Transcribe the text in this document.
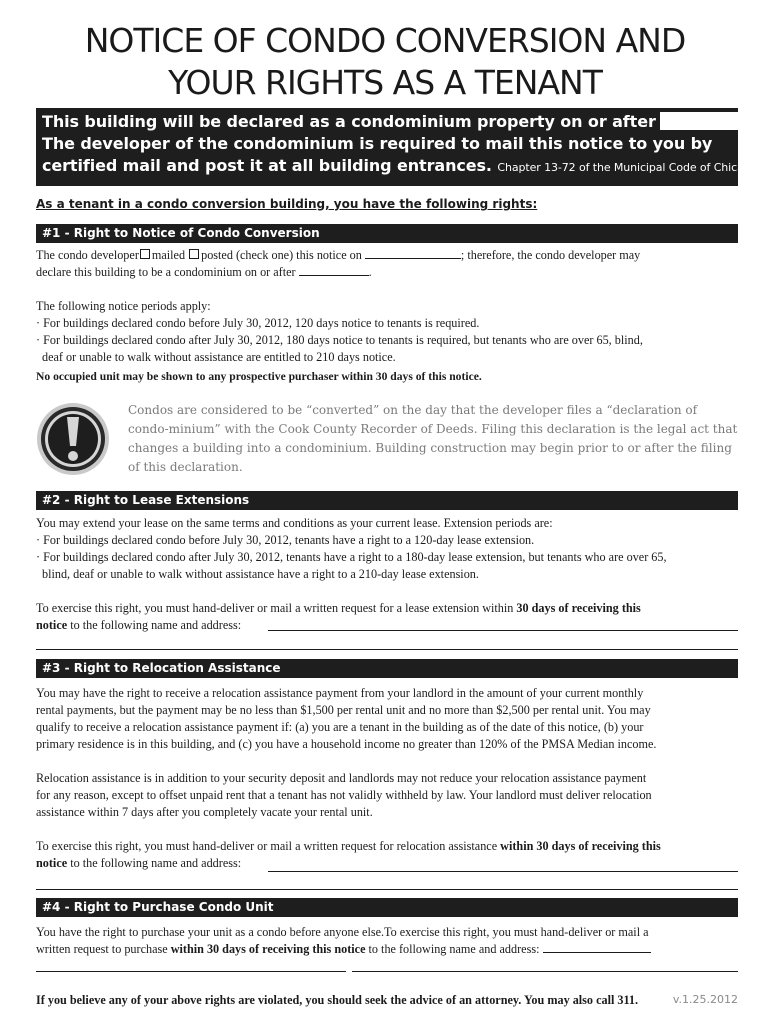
NOTICE OF CONDO CONVERSION AND
YOUR RIGHTS AS A TENANT
This building will be declared as a condominium property on or after
The developer of the condominium is required to mail this notice to you by
certified mail and post it at all building entrances. Chapter 13-72 of the Municipal Code of Chicago

As a tenant in a condo conversion building, you have the following rights:

#1 - Right to Notice of Condo Conversion

The condo developer mailed posted (check one) this notice on	; therefore, the condo developer may

declare this building to be a condominium on or after	.

The following notice periods apply:

· For buildings declared condo before July 30, 2012, 120 days notice to tenants is required.

· For buildings declared condo after July 30, 2012, 180 days notice to tenants is required, but tenants who are over 65, blind,

deaf or unable to walk without assistance are entitled to 210 days notice.

No occupied unit may be shown to any prospective purchaser within 30 days of this notice.

Condos are considered to be “converted” on the day that the developer files a “declaration of condo-minium” with the Cook County Recorder of Deeds. Filing this declaration is the legal act that changes a building into a condominium. Building construction may begin prior to or after the filing of this declaration.

#2 - Right to Lease Extensions

You may extend your lease on the same terms and conditions as your current lease. Extension periods are:

· For buildings declared condo before July 30, 2012, tenants have a right to a 120-day lease extension.

· For buildings declared condo after July 30, 2012, tenants have a right to a 180-day lease extension, but tenants who are over 65,

blind, deaf or unable to walk without assistance have a right to a 210-day lease extension.

To exercise this right, you must hand-deliver or mail a written request for a lease extension within 30 days of receiving this

notice to the following name and address:

#3 - Right to Relocation Assistance

You may have the right to receive a relocation assistance payment from your landlord in the amount of your current monthly

rental payments, but the payment may be no less than $1,500 per rental unit and no more than $2,500 per rental unit. You may

qualify to receive a relocation assistance payment if: (a) you are a tenant in the building as of the date of this notice, (b) your

primary residence is in this building, and (c) you have a household income no greater than 120% of the PMSA Median income.

Relocation assistance is in addition to your security deposit and landlords may not reduce your relocation assistance payment

for any reason, except to offset unpaid rent that a tenant has not validly withheld by law. Your landlord must deliver relocation

assistance within 7 days after you completely vacate your rental unit.

To exercise this right, you must hand-deliver or mail a written request for relocation assistance within 30 days of receiving this

notice to the following name and address:

#4 - Right to Purchase Condo Unit

You have the right to purchase your unit as a condo before anyone else.To exercise this right, you must hand-deliver or mail a

written request to purchase within 30 days of receiving this notice to the following name and address:

If you believe any of your above rights are violated, you should seek the advice of an attorney. You may also call 311.	v.1.25.2012
